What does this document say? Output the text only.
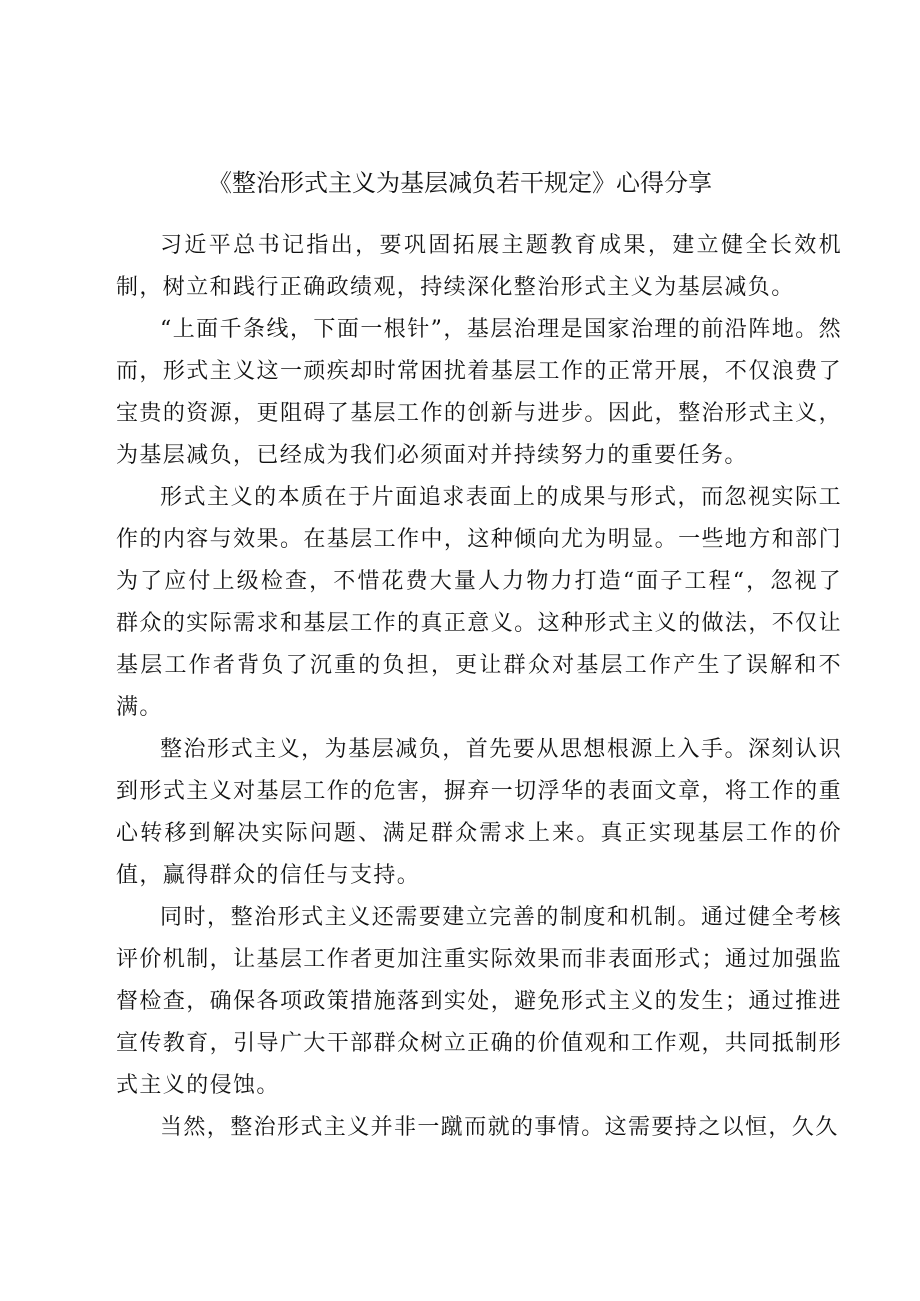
《整治形式主义为基层减负若干规定》心得分享

习近平总书记指出，要巩固拓展主题教育成果，建立健全长效机制，树立和践行正确政绩观，持续深化整治形式主义为基层减负。

“上面千条线，下面一根针”，基层治理是国家治理的前沿阵地。然而，形式主义这一顽疾却时常困扰着基层工作的正常开展，不仅浪费了宝贵的资源，更阻碍了基层工作的创新与进步。因此，整治形式主义，为基层减负，已经成为我们必须面对并持续努力的重要任务。

形式主义的本质在于片面追求表面上的成果与形式，而忽视实际工作的内容与效果。在基层工作中，这种倾向尤为明显。一些地方和部门为了应付上级检查，不惜花费大量人力物力打造“面子工程“，忽视了群众的实际需求和基层工作的真正意义。这种形式主义的做法，不仅让基层工作者背负了沉重的负担，更让群众对基层工作产生了误解和不满。

整治形式主义，为基层减负，首先要从思想根源上入手。深刻认识到形式主义对基层工作的危害，摒弃一切浮华的表面文章，将工作的重心转移到解决实际问题、满足群众需求上来。真正实现基层工作的价值，赢得群众的信任与支持。

同时，整治形式主义还需要建立完善的制度和机制。通过健全考核评价机制，让基层工作者更加注重实际效果而非表面形式；通过加强监督检查，确保各项政策措施落到实处，避免形式主义的发生；通过推进宣传教育，引导广大干部群众树立正确的价值观和工作观，共同抵制形式主义的侵蚀。

当然，整治形式主义并非一蹴而就的事情。这需要持之以恒，久久
